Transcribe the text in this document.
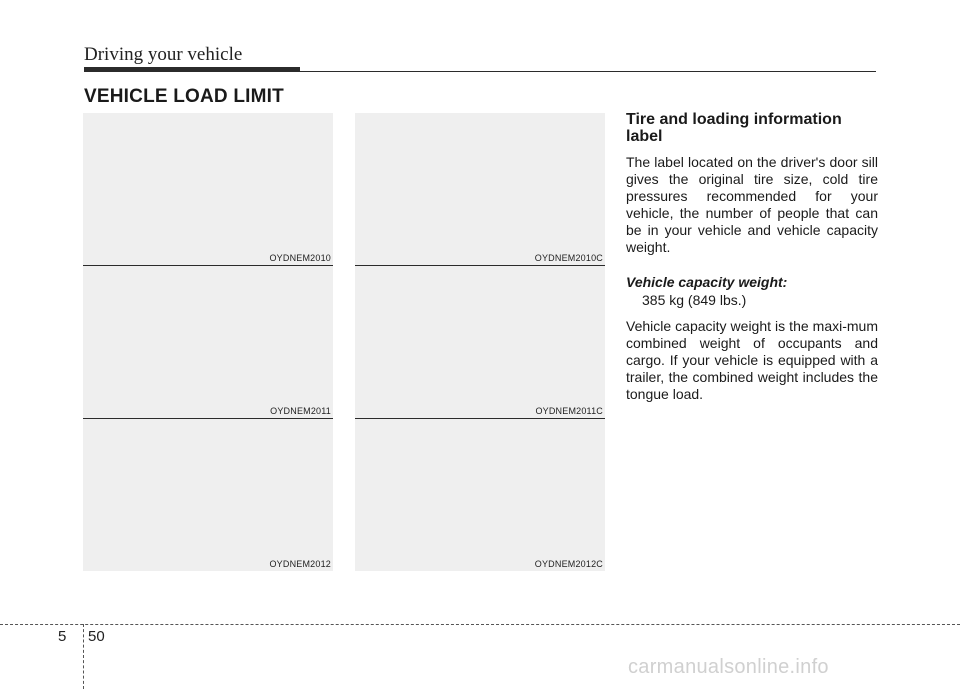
Driving your vehicle
VEHICLE LOAD LIMIT
OYDNEM2010
OYDNEM2011
OYDNEM2012
OYDNEM2010C
OYDNEM2011C
OYDNEM2012C
Tire and loading information label

The label located on the driver's door sill gives the original tire size, cold tire pressures recommended for your vehicle, the number of people that can be in your vehicle and vehicle capacity weight.

Vehicle capacity weight:

385 kg (849 lbs.)

Vehicle capacity weight is the maxi-mum combined weight of occupants and cargo. If your vehicle is equipped with a trailer, the combined weight includes the tongue load.

5 50
carmanualsonline.info
